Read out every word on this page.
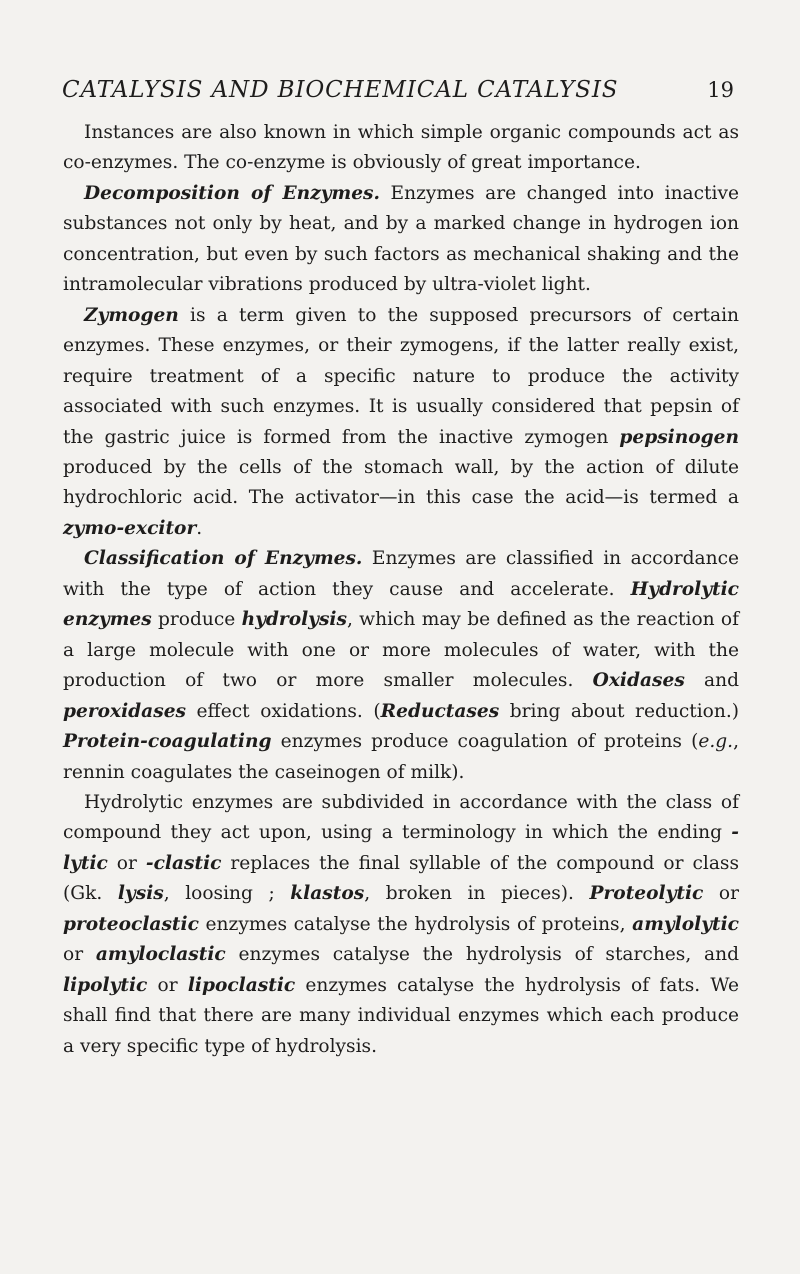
CATALYSIS AND BIOCHEMICAL CATALYSIS	19

Instances are also known in which simple organic compounds act as co-enzymes. The co-enzyme is obviously of great importance.

Decomposition of Enzymes. Enzymes are changed into inactive substances not only by heat, and by a marked change in hydrogen ion concentration, but even by such factors as mechanical shaking and the intramolecular vibrations produced by ultra-violet light.

Zymogen is a term given to the supposed precursors of certain enzymes. These enzymes, or their zymogens, if the latter really exist, require treatment of a specific nature to produce the activity associated with such enzymes. It is usually considered that pepsin of the gastric juice is formed from the inactive zymogen pepsinogen produced by the cells of the stomach wall, by the action of dilute hydrochloric acid. The activator—in this case the acid—is termed a zymo-excitor.

Classification of Enzymes. Enzymes are classified in accordance with the type of action they cause and accelerate. Hydrolytic enzymes produce hydrolysis, which may be defined as the reaction of a large molecule with one or more molecules of water, with the production of two or more smaller molecules. Oxidases and peroxidases effect oxidations. (Reductases bring about reduction.) Protein-coagulating enzymes produce coagulation of proteins (e.g., rennin coagulates the caseinogen of milk).

Hydrolytic enzymes are subdivided in accordance with the class of compound they act upon, using a terminology in which the ending -lytic or -clastic replaces the final syllable of the compound or class (Gk. lysis, loosing ; klastos, broken in pieces). Proteolytic or proteoclastic enzymes catalyse the hydrolysis of proteins, amylolytic or amyloclastic enzymes catalyse the hydrolysis of starches, and lipolytic or lipoclastic enzymes catalyse the hydrolysis of fats. We shall find that there are many individual enzymes which each produce a very specific type of hydrolysis.
